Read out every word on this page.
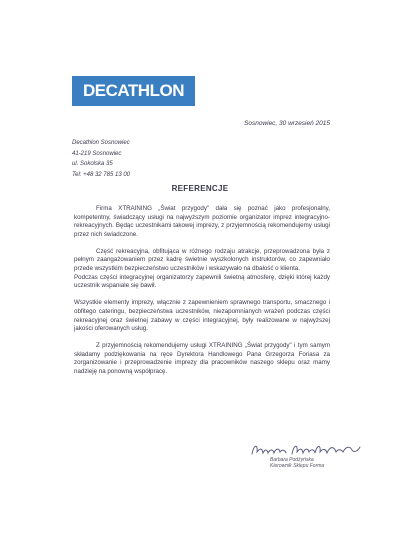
DECATHLON
Sosnowiec, 30 wrzesień 2015
Decathlon Sosnowiec
41-219 Sosnowiec
ul. Sokolska 35
Tel: +48 32 785 13 00
REFERENCJE

Firma XTRAINING „Świat przygody" dała się poznać jako profesjonalny, kompetentny, świadczący usługi na najwyższym poziomie organizator imprez integracyjno-rekreacyjnych. Będąc uczestnikami takowej imprezy, z przyjemnością rekomendujemy usługi przez nich świadczone.

Część rekreacyjna, obfitująca w różnego rodzaju atrakcje, przeprowadzona była z pełnym zaangażowaniem przez kadrę świetnie wyszkolonych instruktorów, co zapewniało przede wszystkim bezpieczeństwo uczestników i wskazywało na dbałość o klienta.

Podczas części integracyjnej organizatorzy zapewnili świetną atmosferę, dzięki której każdy uczestnik wspaniale się bawił.

Wszystkie elementy imprezy, włącznie z zapewnieniem sprawnego transportu, smacznego i obfitego cateringu, bezpieczeństwa uczestników, niezapomnianych wrażeń podczas części rekreacyjnej oraz świetnej zabawy w części integracyjnej, były realizowane w najwyższej jakości oferowanych usług.

Z przyjemnością rekomendujemy usługi XTRAINING „Świat przygody" i tym samym składamy podziękowania na ręce Dyrektora Handlowego Pana Grzegorza Foriasa za zorganizowanie i przeprowadzenie imprezy dla pracowników naszego sklepu oraz mamy nadzieję na ponowną współpracę.

Barbara Podżyńska
Kierownik Sklepu Forma
